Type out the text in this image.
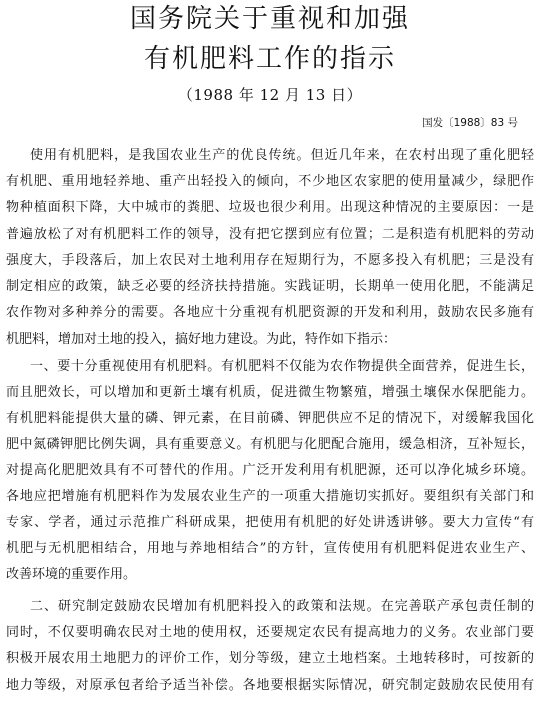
国务院关于重视和加强
有机肥料工作的指示
（1988 年 12 月 13 日）
国发〔1988〕83 号
使用有机肥料，是我国农业生产的优良传统。但近几年来，在农村出现了重化肥轻
有机肥、重用地轻养地、重产出轻投入的倾向，不少地区农家肥的使用量减少，绿肥作
物种植面积下降，大中城市的粪肥、垃圾也很少利用。出现这种情况的主要原因：一是
普遍放松了对有机肥料工作的领导，没有把它摆到应有位置；二是积造有机肥料的劳动
强度大，手段落后，加上农民对土地利用存在短期行为，不愿多投入有机肥；三是没有
制定相应的政策，缺乏必要的经济扶持措施。实践证明，长期单一使用化肥，不能满足
农作物对多种养分的需要。各地应十分重视有机肥资源的开发和利用，鼓励农民多施有
机肥料，增加对土地的投入，搞好地力建设。为此，特作如下指示：
一、要十分重视使用有机肥料。有机肥料不仅能为农作物提供全面营养，促进生长，
而且肥效长，可以增加和更新土壤有机质，促进微生物繁殖，增强土壤保水保肥能力。
有机肥料能提供大量的磷、钾元素，在目前磷、钾肥供应不足的情况下，对缓解我国化
肥中氮磷钾肥比例失调，具有重要意义。有机肥与化肥配合施用，缓急相济，互补短长，
对提高化肥肥效具有不可替代的作用。广泛开发利用有机肥源，还可以净化城乡环境。
各地应把增施有机肥料作为发展农业生产的一项重大措施切实抓好。要组织有关部门和
专家、学者，通过示范推广科研成果，把使用有机肥的好处讲透讲够。要大力宣传“有
机肥与无机肥相结合，用地与养地相结合”的方针，宣传使用有机肥料促进农业生产、
改善环境的重要作用。
二、研究制定鼓励农民增加有机肥料投入的政策和法规。在完善联产承包责任制的
同时，不仅要明确农民对土地的使用权，还要规定农民有提高地力的义务。农业部门要
积极开展农用土地肥力的评价工作，划分等级，建立土地档案。土地转移时，可按新的
地力等级，对原承包者给予适当补偿。各地要根据实际情况，研究制定鼓励农民使用有
